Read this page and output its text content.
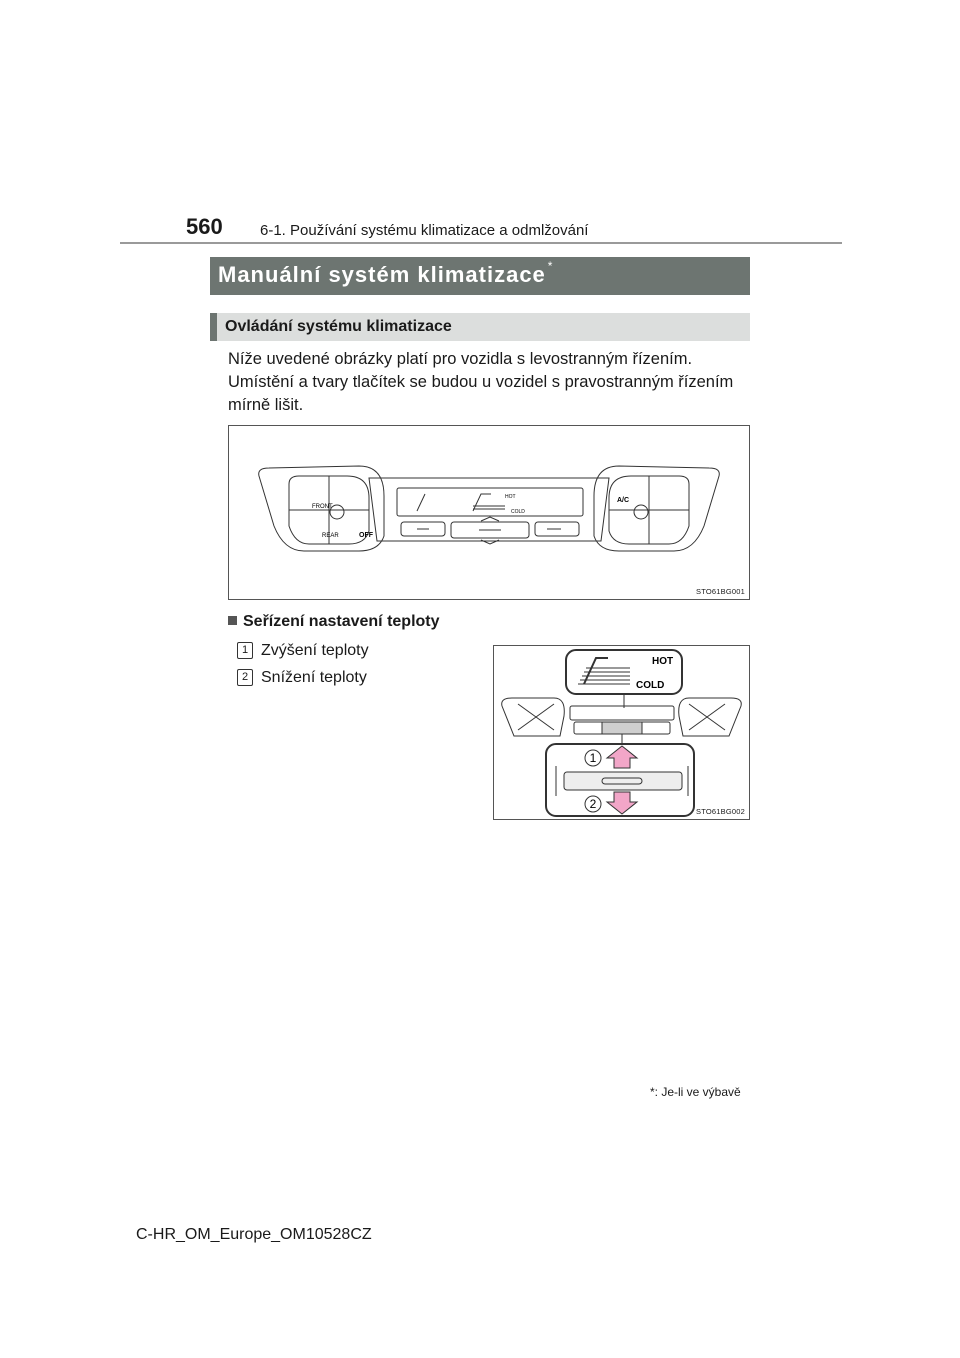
560 6-1. Používání systému klimatizace a odmlžování
Manuální systém klimatizace *
Ovládání systému klimatizace
Níže uvedené obrázky platí pro vozidla s levostranným řízením. Umístění a tvary tlačítek se budou u vozidel s pravostranným řízením mírně lišit.
FRONT
REAR	OFF
A/C
HOT
COLD
STO61BG001
Seřízení nastavení teploty
1 Zvýšení teploty
2 Snížení teploty
1
2
HOT
COLD
STO61BG002
*: Je-li ve výbavě
C-HR_OM_Europe_OM10528CZ
